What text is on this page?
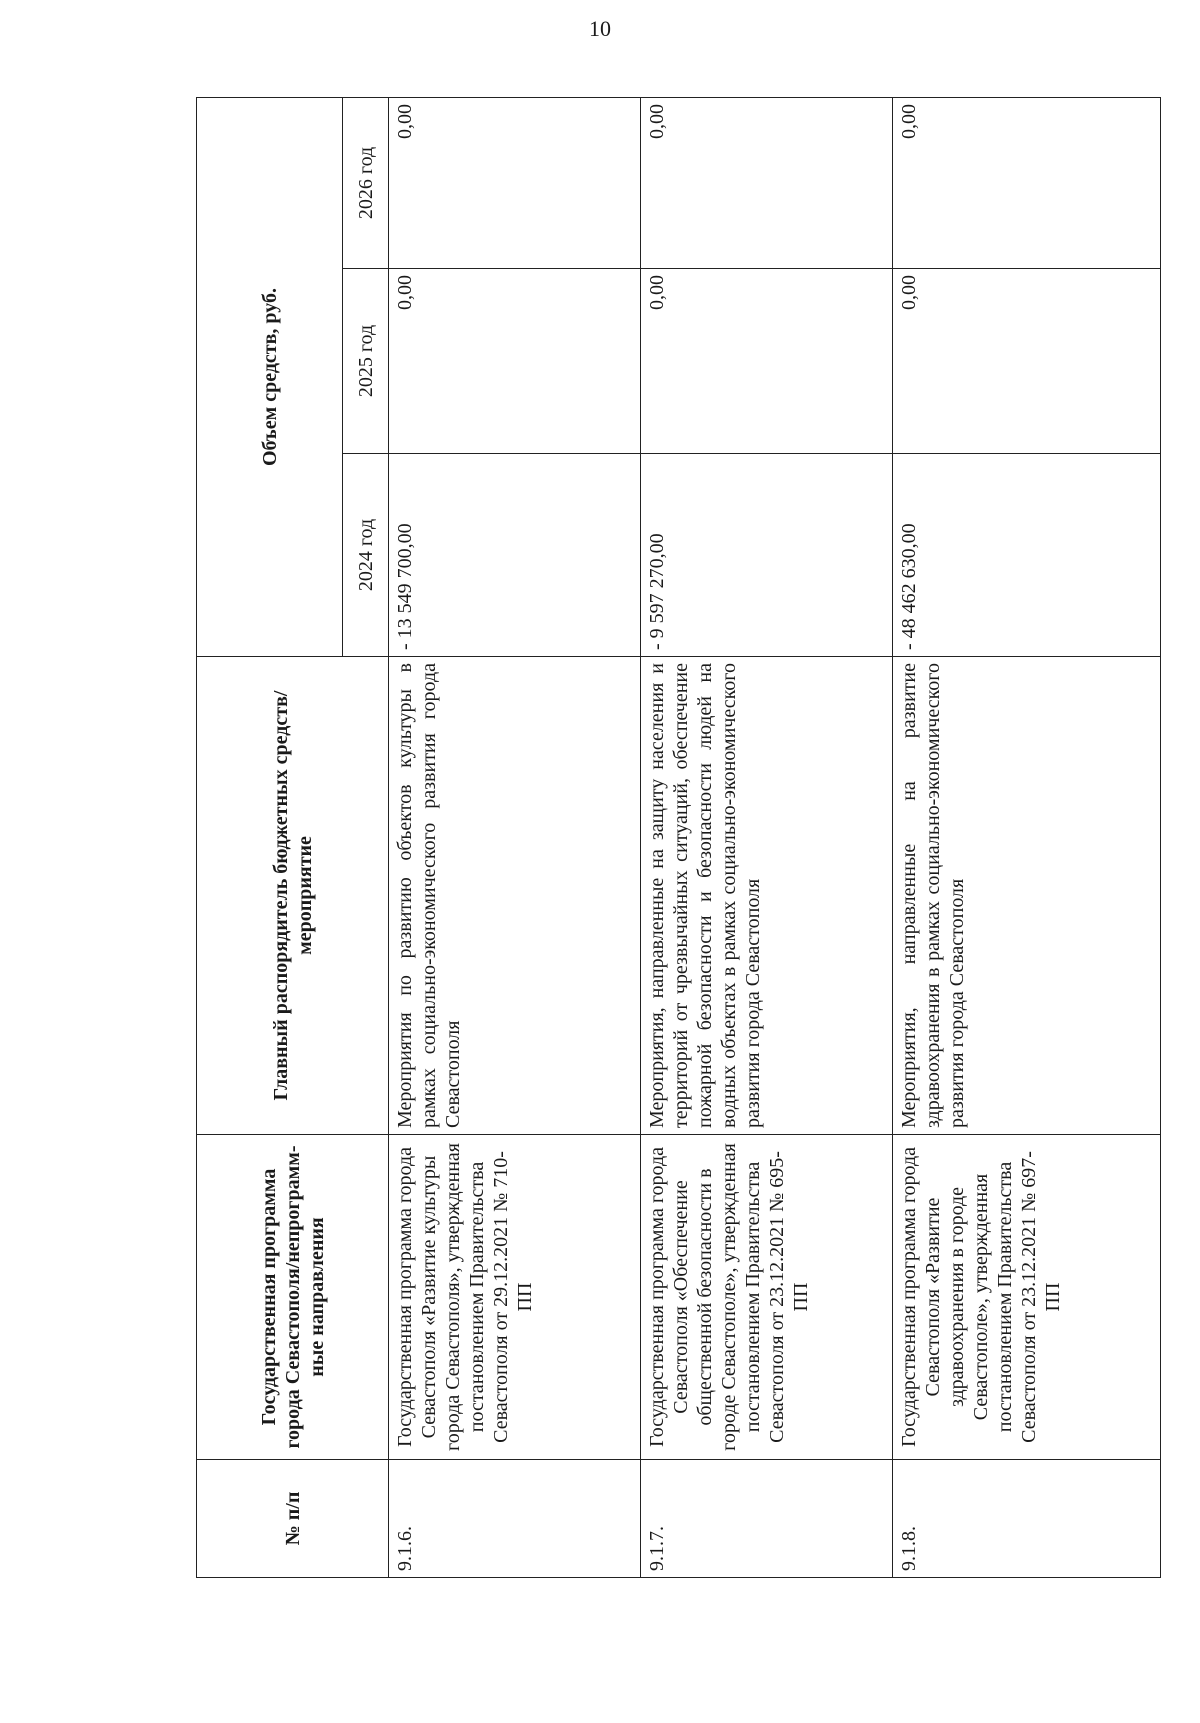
10
№ п/п	Государственная программа города Севастополя/непрограмм-ные направления	Главный распорядитель бюджетных средств/мероприятие	Объем средств, руб.		
			2024 год	2025 год	2026 год
9.1.6.	Государственная программа города Севастополя «Развитие культуры города Севастополя», утвержденная постановлением Правительства Севастополя от 29.12.2021 № 710-ПП	Мероприятия по развитию объектов культуры в рамках социально-экономического развития города Севастополя	- 13 549 700,00	0,00	0,00
9.1.7.	Государственная программа города Севастополя «Обеспечение общественной безопасности в городе Севастополе», утвержденная постановлением Правительства Севастополя от 23.12.2021 № 695-ПП	Мероприятия, направленные на защиту населения и территорий от чрезвычайных ситуаций, обеспечение пожарной безопасности и безопасности людей на водных объектах в рамках социально-экономического развития города Севастополя	- 9 597 270,00	0,00	0,00
9.1.8.	Государственная программа города Севастополя «Развитие здравоохранения в городе Севастополе», утвержденная постановлением Правительства Севастополя от 23.12.2021 № 697-ПП	Мероприятия, направленные на развитие здравоохранения в рамках социально-экономического развития города Севастополя	- 48 462 630,00	0,00	0,00
